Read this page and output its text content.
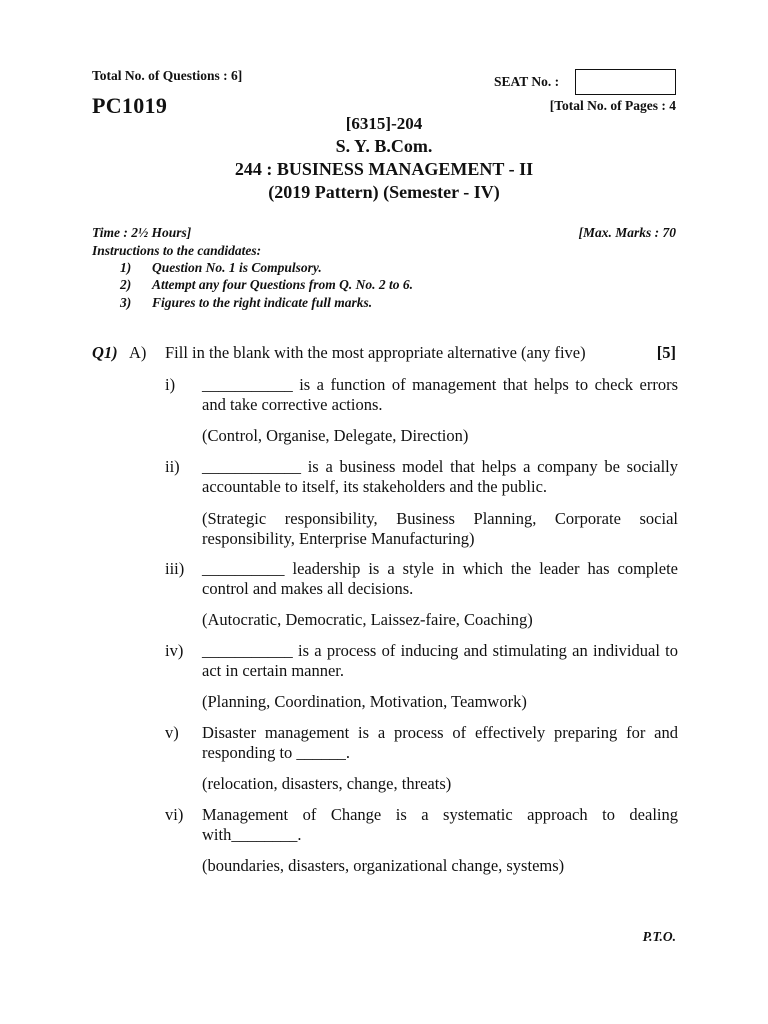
Total No. of Questions : 6]
PC1019
SEAT No. :
[Total No. of Pages : 4
[6315]-204
S. Y. B.Com.
244 : BUSINESS MANAGEMENT - II
(2019 Pattern) (Semester - IV)
Time : 2½ Hours]	[Max. Marks : 70
Instructions to the candidates:
1) Question No. 1 is Compulsory.
2) Attempt any four Questions from Q. No. 2 to 6.
3) Figures to the right indicate full marks.
Q1) A) Fill in the blank with the most appropriate alternative (any five)	[5]
i) ___________ is a function of management that helps to check errors and take corrective actions.
(Control, Organise, Delegate, Direction)
ii) ____________ is a business model that helps a company be socially accountable to itself, its stakeholders and the public.
(Strategic responsibility, Business Planning, Corporate social responsibility, Enterprise Manufacturing)
iii) __________ leadership is a style in which the leader has complete control and makes all decisions.
(Autocratic, Democratic, Laissez-faire, Coaching)
iv) ___________ is a process of inducing and stimulating an individual to act in certain manner.
(Planning, Coordination, Motivation, Teamwork)
v) Disaster management is a process of effectively preparing for and responding to ______.
(relocation, disasters, change, threats)
vi) Management of Change is a systematic approach to dealing with________.
(boundaries, disasters, organizational change, systems)
P.T.O.
